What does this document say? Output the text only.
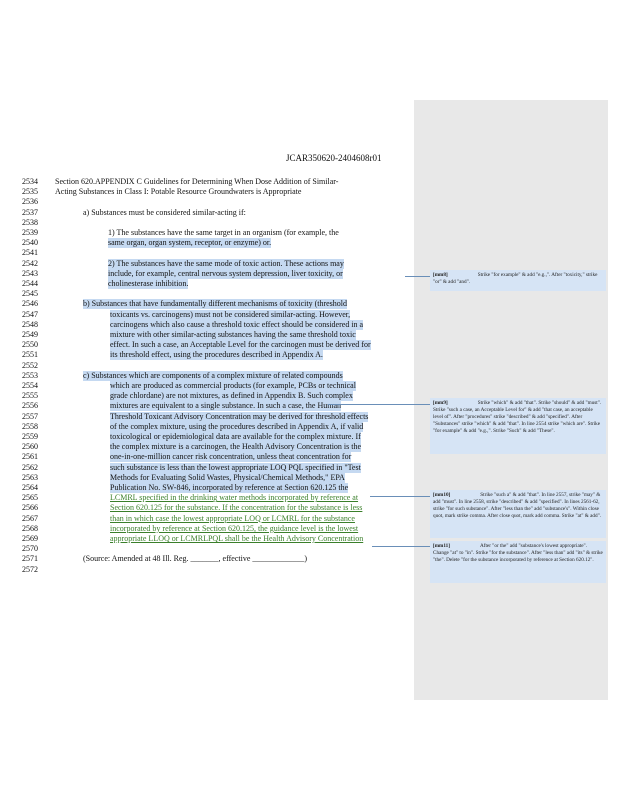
JCAR350620-2404608r01
2534	Section 620.APPENDIX C Guidelines for Determining When Dose Addition of Similar-
2535	Acting Substances in Class I: Potable Resource Groundwaters is Appropriate
2536
2537	a) Substances must be considered similar-acting if:
2538
2539	1) The substances have the same target in an organism (for example, the
2540	same organ, organ system, receptor, or enzyme) or.
2541
2542	2) The substances have the same mode of toxic action. These actions may
2543	include, for example, central nervous system depression, liver toxicity, or
2544	cholinesterase inhibition.
2545
2546	b) Substances that have fundamentally different mechanisms of toxicity (threshold
2547	toxicants vs. carcinogens) must not be considered similar-acting. However,
2548	carcinogens which also cause a threshold toxic effect should be considered in a
2549	mixture with other similar-acting substances having the same threshold toxic
2550	effect. In such a case, an Acceptable Level for the carcinogen must be derived for
2551	its threshold effect, using the procedures described in Appendix A.
2552
2553	c) Substances which are components of a complex mixture of related compounds
2554	which are produced as commercial products (for example, PCBs or technical
2555	grade chlordane) are not mixtures, as defined in Appendix B. Such complex
2556	mixtures are equivalent to a single substance. In such a case, the Human
2557	Threshold Toxicant Advisory Concentration may be derived for threshold effects
2558	of the complex mixture, using the procedures described in Appendix A, if valid
2559	toxicological or epidemiological data are available for the complex mixture. If
2560	the complex mixture is a carcinogen, the Health Advisory Concentration is the
2561	one-in-one-million cancer risk concentration, unless theat concentration for
2562	such substance is less than the lowest appropriate LOQ PQL specified in "Test
2563	Methods for Evaluating Solid Wastes, Physical/Chemical Methods," EPA
2564	Publication No. SW-846, incorporated by reference at Section 620.125 the
2565	LCMRL specified in the drinking water methods incorporated by reference at
2566	Section 620.125 for the substance. If the concentration for the substance is less
2567	than in which case the lowest appropriate LOQ or LCMRL for the substance
2568	incorporated by reference at Section 620.125, the guidance level is the lowest
2569	appropriate LLOQ or LCMRLPQL shall be the Health Advisory Concentration
2570
2571	(Source: Amended at 48 Ill. Reg. _______, effective _____________)
2572
[mm8]	Strike "for example" & add "e.g.,". After "toxicity," strike "or" & add "and".
[mm9]	Strike "which" & add "that". Strike "should" & add "must". Strike "such a case, an Acceptable Level for" & add "that case, an acceptable level of". After "procedures" strike "described" & add "specified". After "Substances" strike "which" & add "that". In line 2554 strike "which are". Strike "for example" & add "e.g.,". Strike "Such" & add "These".
[mm10]	Strike "such a" & add "that". In line 2557, strike "may" & add "must". In line 2558, strike "described" & add "specified". In lines 2561-62, strike "for such substance". After "less than the" add "substance's". Within close quot, mark strike comma. After close quot, mark add comma. Strike "at" & add".
[mm11]	After "or the" add "substance's lowest appropriate". Change "at" to "in". Strike "for the substance". After "less than" add "its" & strike "the". Delete "for the substance incorporated by reference at Section 620.12".
